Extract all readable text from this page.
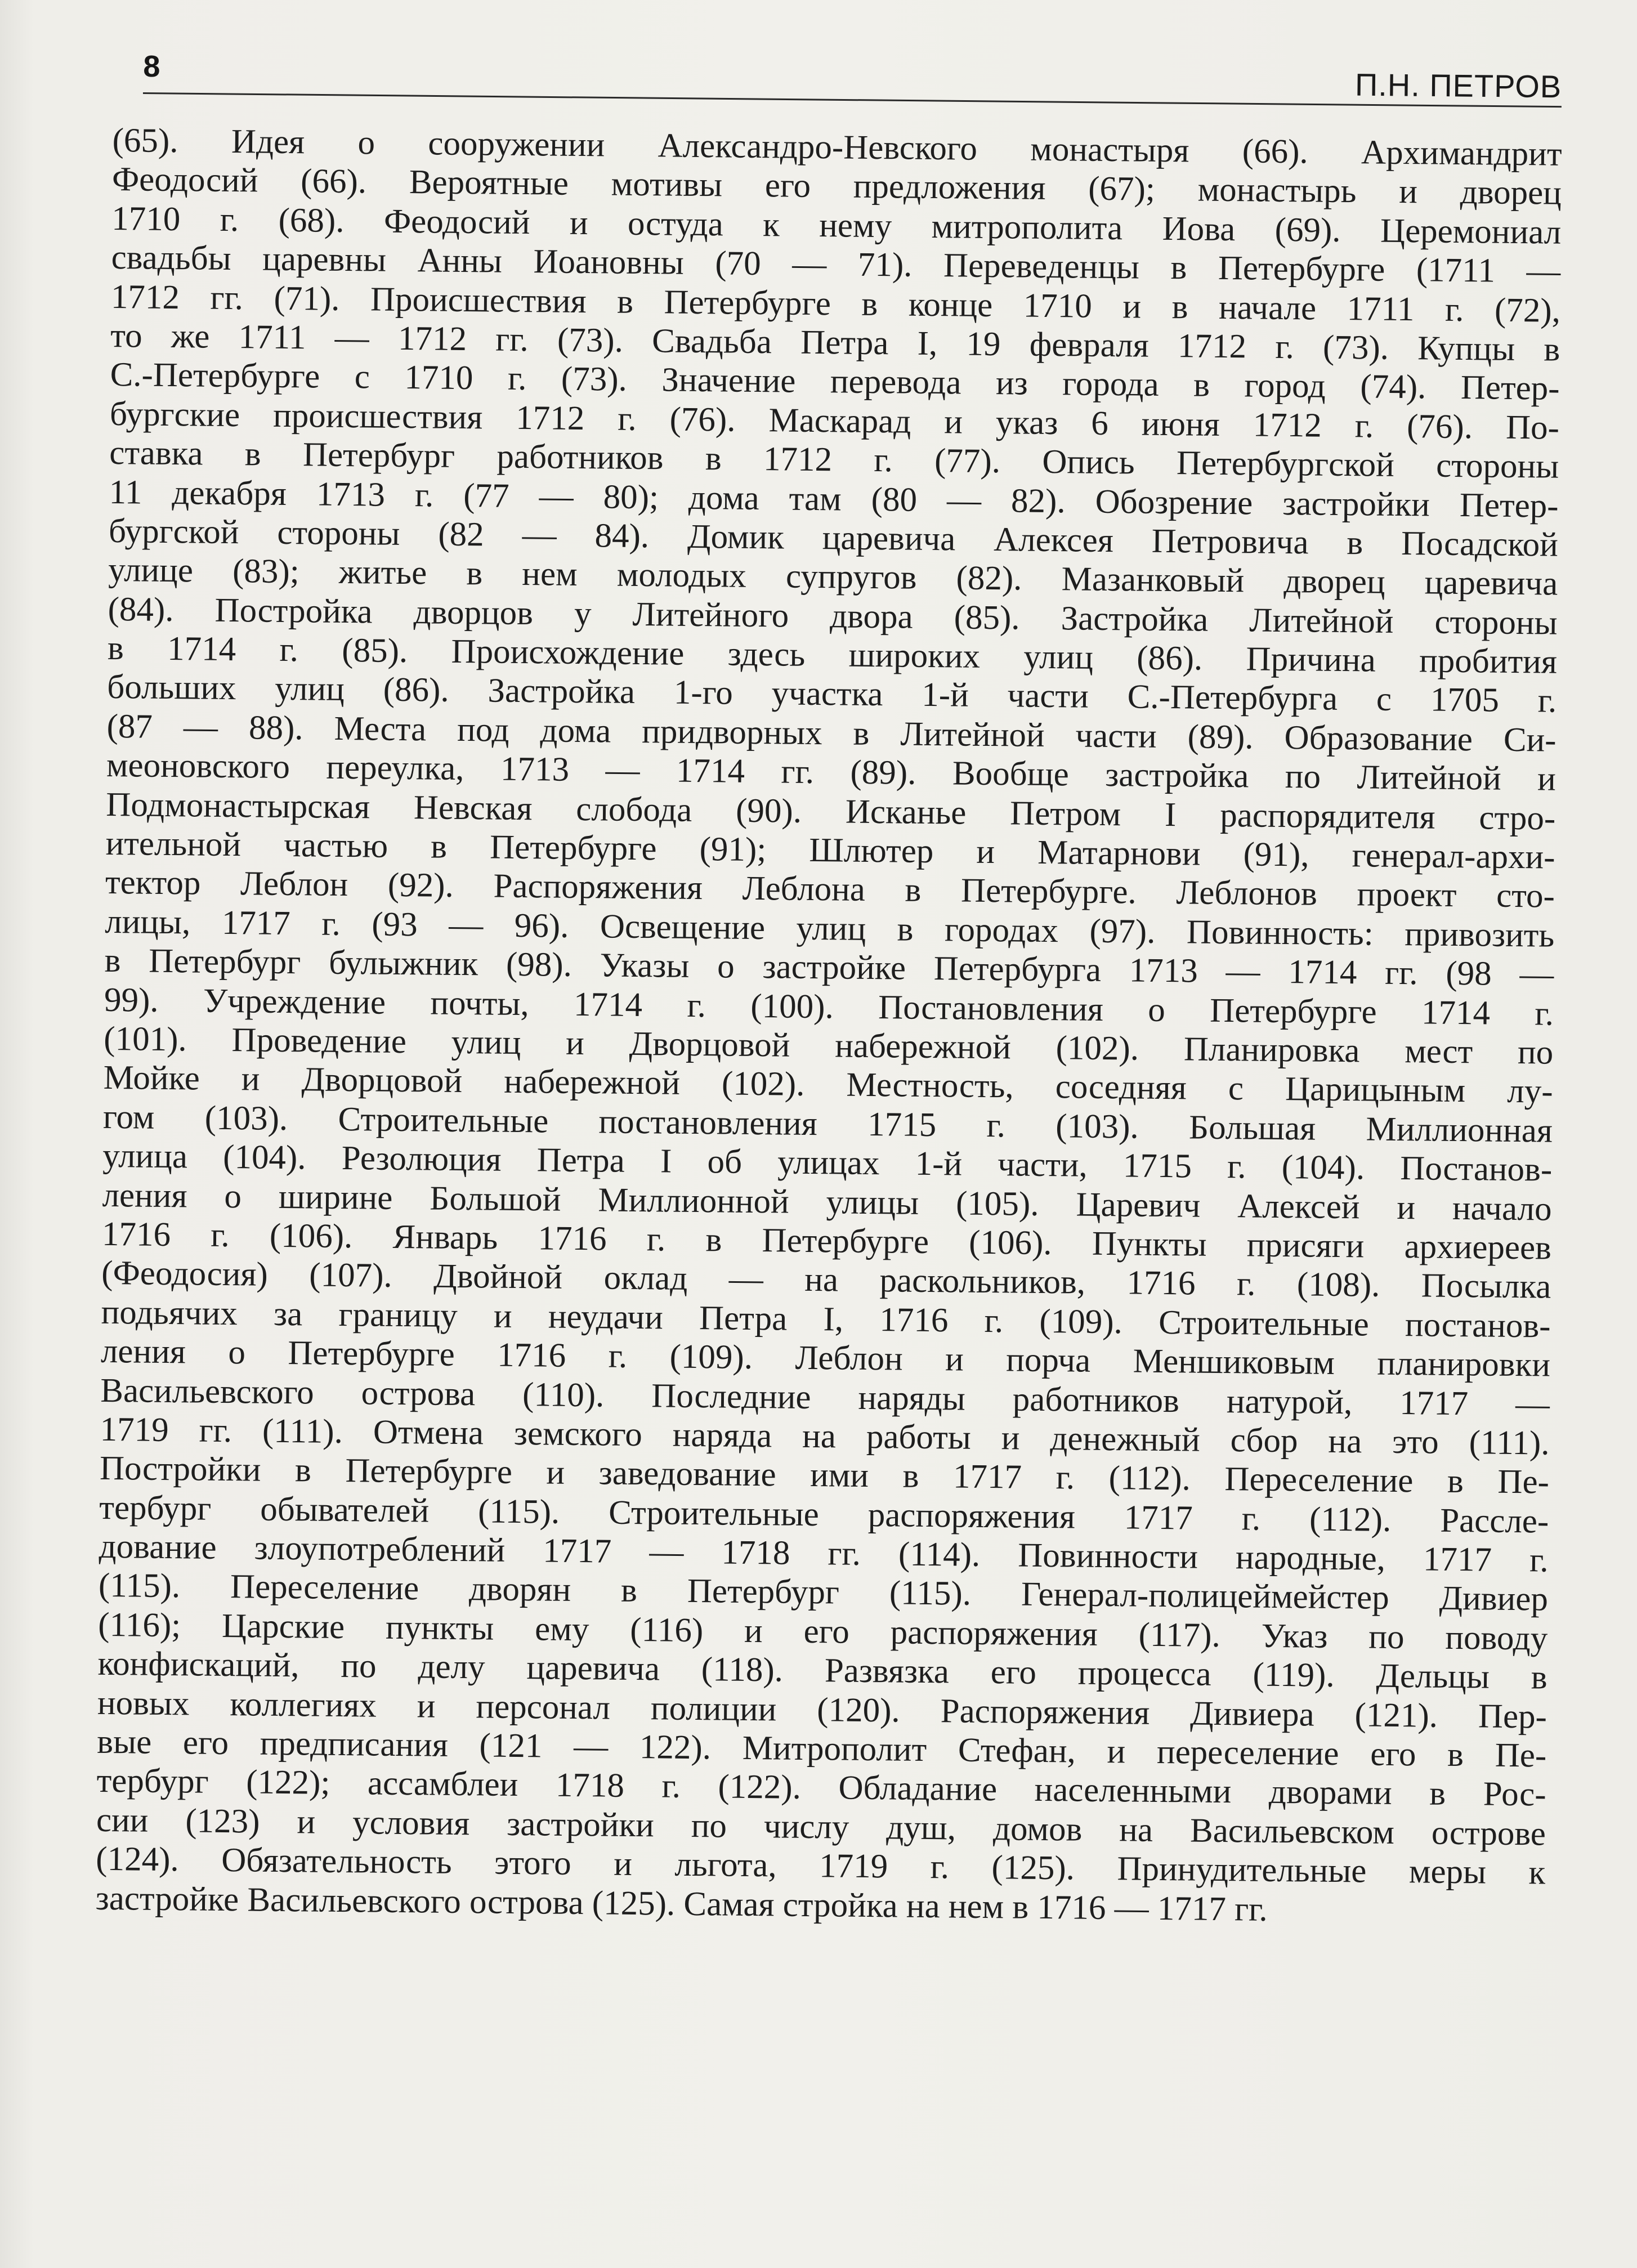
8
П.Н. ПЕТРОВ
(65). Идея о сооружении Александро-Невского монастыря (66). Архимандрит
Феодосий (66). Вероятные мотивы его предложения (67); монастырь и дворец
1710 г. (68). Феодосий и остуда к нему митрополита Иова (69). Церемониал
свадьбы царевны Анны Иоановны (70 — 71). Переведенцы в Петербурге (1711 —
1712 гг. (71). Происшествия в Петербурге в конце 1710 и в начале 1711 г. (72),
то же 1711 — 1712 гг. (73). Свадьба Петра I, 19 февраля 1712 г. (73). Купцы в
С.-Петербурге с 1710 г. (73). Значение перевода из города в город (74). Петер-
бургские происшествия 1712 г. (76). Маскарад и указ 6 июня 1712 г. (76). По-
ставка в Петербург работников в 1712 г. (77). Опись Петербургской стороны
11 декабря 1713 г. (77 — 80); дома там (80 — 82). Обозрение застройки Петер-
бургской стороны (82 — 84). Домик царевича Алексея Петровича в Посадской
улице (83); житье в нем молодых супругов (82). Мазанковый дворец царевича
(84). Постройка дворцов у Литейного двора (85). Застройка Литейной стороны
в 1714 г. (85). Происхождение здесь широких улиц (86). Причина пробития
больших улиц (86). Застройка 1-го участка 1-й части С.-Петербурга с 1705 г.
(87 — 88). Места под дома придворных в Литейной части (89). Образование Си-
меоновского переулка, 1713 — 1714 гг. (89). Вообще застройка по Литейной и
Подмонастырская Невская слобода (90). Исканье Петром I распорядителя стро-
ительной частью в Петербурге (91); Шлютер и Матарнови (91), генерал-архи-
тектор Леблон (92). Распоряжения Леблона в Петербурге. Леблонов проект сто-
лицы, 1717 г. (93 — 96). Освещение улиц в городах (97). Повинность: привозить
в Петербург булыжник (98). Указы о застройке Петербурга 1713 — 1714 гг. (98 —
99). Учреждение почты, 1714 г. (100). Постановления о Петербурге 1714 г.
(101). Проведение улиц и Дворцовой набережной (102). Планировка мест по
Мойке и Дворцовой набережной (102). Местность, соседняя с Царицыным лу-
гом (103). Строительные постановления 1715 г. (103). Большая Миллионная
улица (104). Резолюция Петра I об улицах 1-й части, 1715 г. (104). Постанов-
ления о ширине Большой Миллионной улицы (105). Царевич Алексей и начало
1716 г. (106). Январь 1716 г. в Петербурге (106). Пункты присяги архиереев
(Феодосия) (107). Двойной оклад — на раскольников, 1716 г. (108). Посылка
подьячих за границу и неудачи Петра I, 1716 г. (109). Строительные постанов-
ления о Петербурге 1716 г. (109). Леблон и порча Меншиковым планировки
Васильевского острова (110). Последние наряды работников натурой, 1717 —
1719 гг. (111). Отмена земского наряда на работы и денежный сбор на это (111).
Постройки в Петербурге и заведование ими в 1717 г. (112). Переселение в Пе-
тербург обывателей (115). Строительные распоряжения 1717 г. (112). Рассле-
дование злоупотреблений 1717 — 1718 гг. (114). Повинности народные, 1717 г.
(115). Переселение дворян в Петербург (115). Генерал-полицеймейстер Дивиер
(116); Царские пункты ему (116) и его распоряжения (117). Указ по поводу
конфискаций, по делу царевича (118). Развязка его процесса (119). Дельцы в
новых коллегиях и персонал полиции (120). Распоряжения Дивиера (121). Пер-
вые его предписания (121 — 122). Митрополит Стефан, и переселение его в Пе-
тербург (122); ассамблеи 1718 г. (122). Обладание населенными дворами в Рос-
сии (123) и условия застройки по числу душ, домов на Васильевском острове
(124). Обязательность этого и льгота, 1719 г. (125). Принудительные меры к
застройке Васильевского острова (125). Самая стройка на нем в 1716 — 1717 гг.
